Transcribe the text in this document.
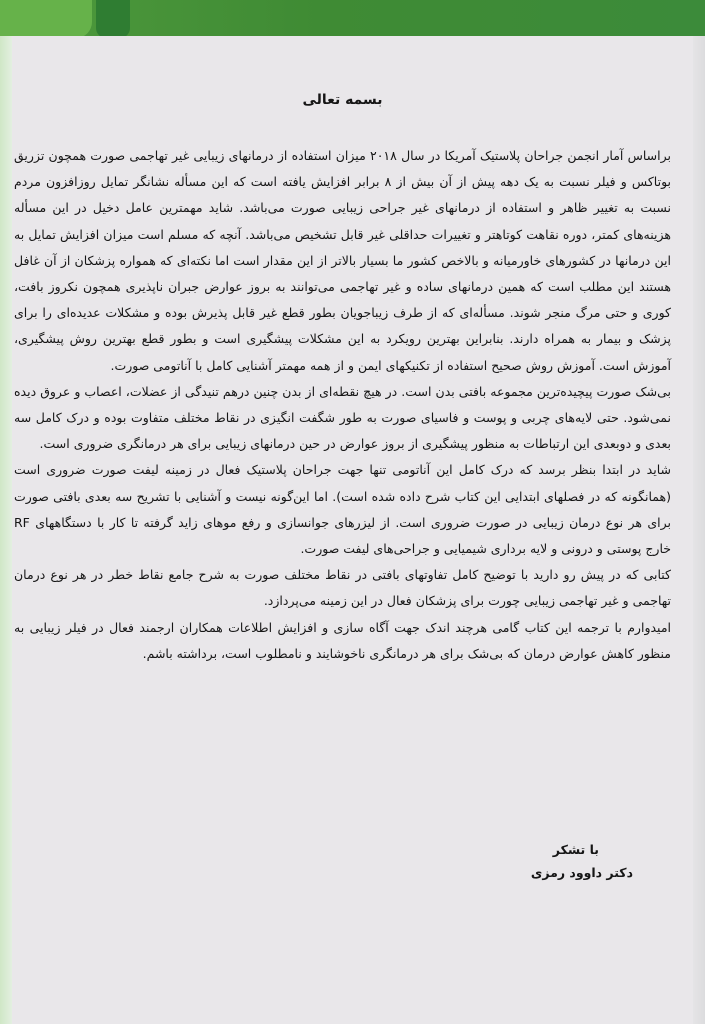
بسمه تعالی

براساس آمار انجمن جراحان پلاستیک آمریکا در سال ۲۰۱۸ میزان استفاده از درمانهای زیبایی غیر تهاجمی صورت همچون تزریق بوتاکس و فیلر نسبت به یک دهه پیش از آن بیش از ۸ برابر افزایش یافته است که این مسأله نشانگر تمایل روزافزون مردم نسبت به تغییر ظاهر و استفاده از درمانهای غیر جراحی زیبایی صورت می‌باشد. شاید مهمترین عامل دخیل در این مسأله هزینه‌های کمتر، دوره نقاهت کوتاهتر و تغییرات حداقلی غیر قابل تشخیص می‌باشد. آنچه که مسلم است میزان افزایش تمایل به این درمانها در کشورهای خاورمیانه و بالاخص کشور ما بسیار بالاتر از این مقدار است اما نکته‌ای که همواره پزشکان از آن غافل هستند این مطلب است که همین درمانهای ساده و غیر تهاجمی می‌توانند به بروز عوارض جبران ناپذیری همچون نکروز بافت، کوری و حتی مرگ منجر شوند. مسأله‌ای که از طرف زیباجویان بطور قطع غیر قابل پذیرش بوده و مشکلات عدیده‌ای را برای پزشک و بیمار به همراه دارند. بنابراین بهترین رویکرد به این مشکلات پیشگیری است و بطور قطع بهترین روش پیشگیری، آموزش است. آموزش روش صحیح استفاده از تکنیکهای ایمن و از همه مهمتر آشنایی کامل با آناتومی صورت.

بی‌شک صورت پیچیده‌ترین مجموعه بافتی بدن است. در هیچ نقطه‌ای از بدن چنین درهم تنیدگی از عضلات، اعصاب و عروق دیده نمی‌شود. حتی لایه‌های چربی و پوست و فاسیای صورت به طور شگفت انگیزی در نقاط مختلف متفاوت بوده و درک کامل سه بعدی و دوبعدی این ارتباطات به منظور پیشگیری از بروز عوارض در حین درمانهای زیبایی برای هر درمانگری ضروری است.

شاید در ابتدا بنظر برسد که درک کامل این آناتومی تنها جهت جراحان پلاستیک فعال در زمینه لیفت صورت ضروری است (همانگونه که در فصلهای ابتدایی این کتاب شرح داده شده است). اما این‌گونه نیست و آشنایی با تشریح سه بعدی بافتی صورت برای هر نوع درمان زیبایی در صورت ضروری است. از لیزرهای جوانسازی و رفع موهای زاید گرفته تا کار با دستگاههای RF خارج پوستی و درونی و لایه برداری شیمیایی و جراحی‌های لیفت صورت.

کتابی که در پیش رو دارید با توضیح کامل تفاوتهای بافتی در نقاط مختلف صورت به شرح جامع نقاط خطر در هر نوع درمان تهاجمی و غیر تهاجمی زیبایی چورت برای پزشکان فعال در این زمینه می‌پردازد.

امیدوارم با ترجمه این کتاب گامی هرچند اندک جهت آگاه سازی و افزایش اطلاعات همکاران ارجمند فعال در فیلر زیبایی به منظور کاهش عوارض درمان که بی‌شک برای هر درمانگری ناخوشایند و نامطلوب است، برداشته باشم.

با تشکر
دکتر داوود رمزی
